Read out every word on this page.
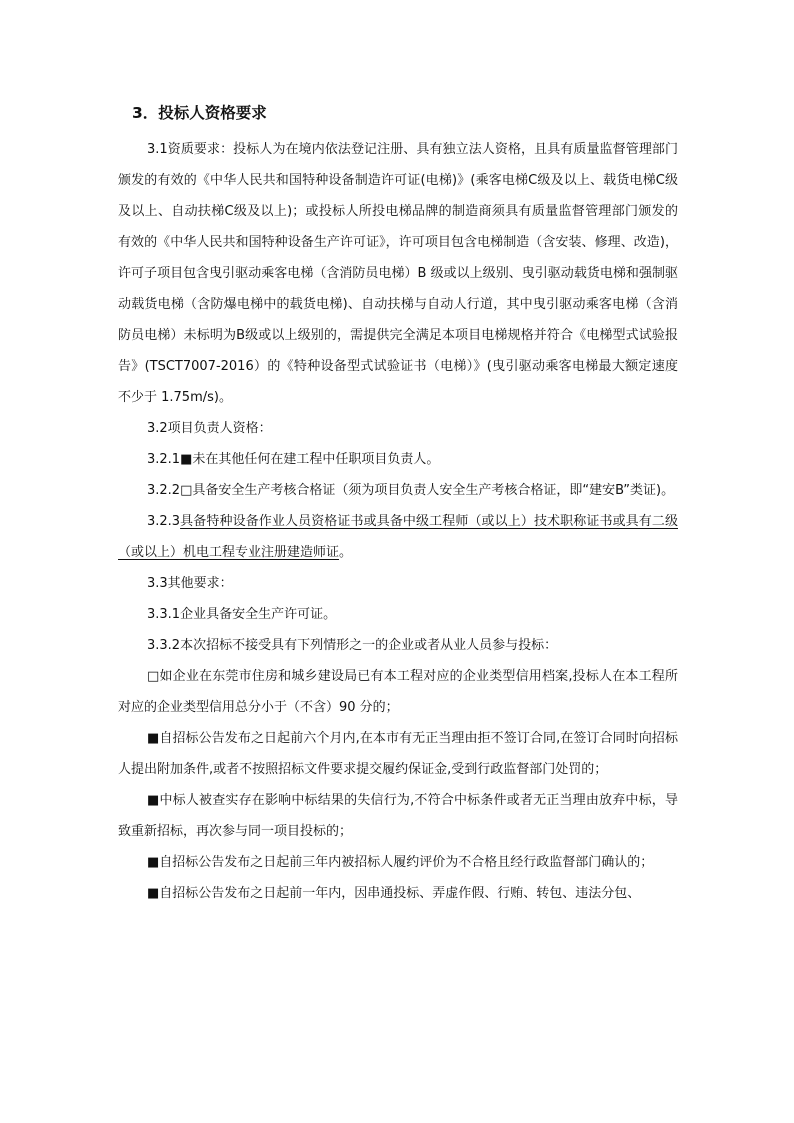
3．投标人资格要求

3.1资质要求：投标人为在境内依法登记注册、具有独立法人资格，且具有质量监督管理部门颁发的有效的《中华人民共和国特种设备制造许可证(电梯)》(乘客电梯C级及以上、载货电梯C级及以上、自动扶梯C级及以上)；或投标人所投电梯品牌的制造商须具有质量监督管理部门颁发的有效的《中华人民共和国特种设备生产许可证》，许可项目包含电梯制造（含安装、修理、改造)，许可子项目包含曳引驱动乘客电梯（含消防员电梯）B 级或以上级别、曳引驱动载货电梯和强制驱动载货电梯（含防爆电梯中的载货电梯)、自动扶梯与自动人行道，其中曳引驱动乘客电梯（含消防员电梯）未标明为B级或以上级别的，需提供完全满足本项目电梯规格并符合《电梯型式试验报告》(TSCT7007-2016）的《特种设备型式试验证书（电梯）》(曳引驱动乘客电梯最大额定速度不少于 1.75m/s)。

3.2项目负责人资格：

3.2.1■未在其他任何在建工程中任职项目负责人。

3.2.2□具备安全生产考核合格证（须为项目负责人安全生产考核合格证，即“建安B”类证)。

3.2.3具备特种设备作业人员资格证书或具备中级工程师（或以上）技术职称证书或具有二级（或以上）机电工程专业注册建造师证。

3.3其他要求：

3.3.1企业具备安全生产许可证。

3.3.2本次招标不接受具有下列情形之一的企业或者从业人员参与投标：

□如企业在东莞市住房和城乡建设局已有本工程对应的企业类型信用档案,投标人在本工程所对应的企业类型信用总分小于（不含）90 分的；

■自招标公告发布之日起前六个月内,在本市有无正当理由拒不签订合同,在签订合同时向招标人提出附加条件,或者不按照招标文件要求提交履约保证金,受到行政监督部门处罚的；

■中标人被查实存在影响中标结果的失信行为,不符合中标条件或者无正当理由放弃中标，导致重新招标，再次参与同一项目投标的；

■自招标公告发布之日起前三年内被招标人履约评价为不合格且经行政监督部门确认的；

■自招标公告发布之日起前一年内，因串通投标、弄虚作假、行贿、转包、违法分包、
